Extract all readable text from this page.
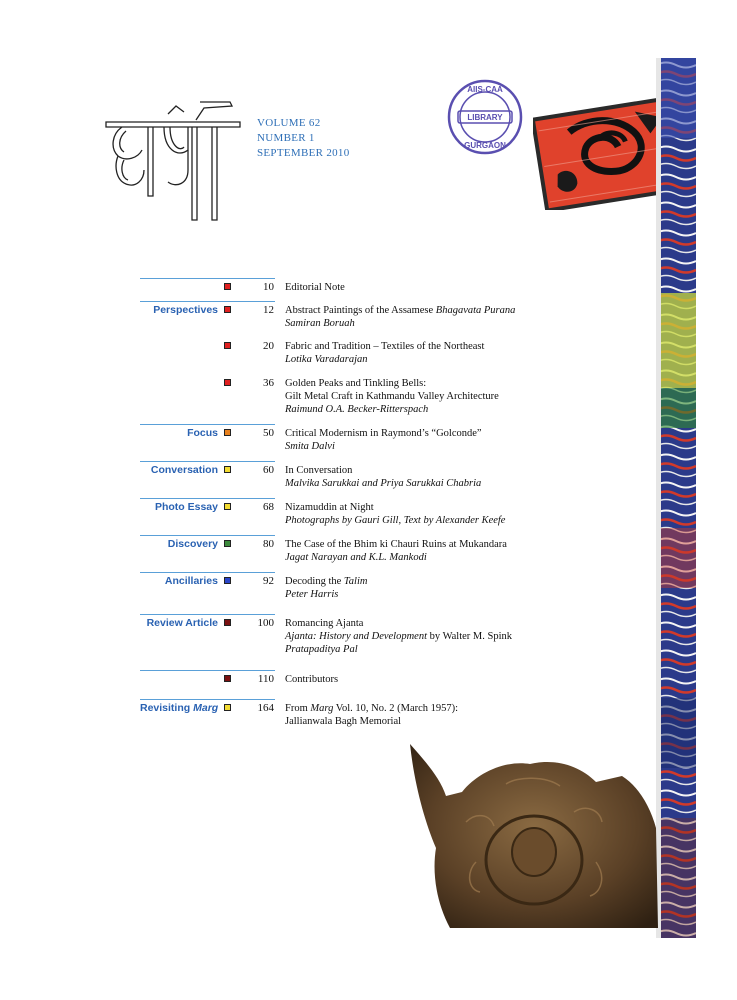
VOLUME 62
NUMBER 1
SEPTEMBER 2010
AIIS-CAA
LIBRARY
GURGAON
10 Editorial Note
Perspectives	12 Abstract Paintings of the Assamese Bhagavata Purana
Samiran Boruah
20 Fabric and Tradition – Textiles of the Northeast
Lotika Varadarajan
36 Golden Peaks and Tinkling Bells:
Gilt Metal Craft in Kathmandu Valley Architecture
Raimund O.A. Becker-Ritterspach
Focus	50 Critical Modernism in Raymond’s “Golconde”
Smita Dalvi
Conversation	60 In Conversation
Malvika Sarukkai and Priya Sarukkai Chabria
Photo Essay	68 Nizamuddin at Night
Photographs by Gauri Gill, Text by Alexander Keefe
Discovery	80 The Case of the Bhim ki Chauri Ruins at Mukandara
Jagat Narayan and K.L. Mankodi
Ancillaries	92 Decoding the Talim
Peter Harris
Review Article	100 Romancing Ajanta
Ajanta: History and Development by Walter M. Spink
Pratapaditya Pal
110 Contributors
Revisiting Marg	164 From Marg Vol. 10, No. 2 (March 1957):
Jallianwala Bagh Memorial
